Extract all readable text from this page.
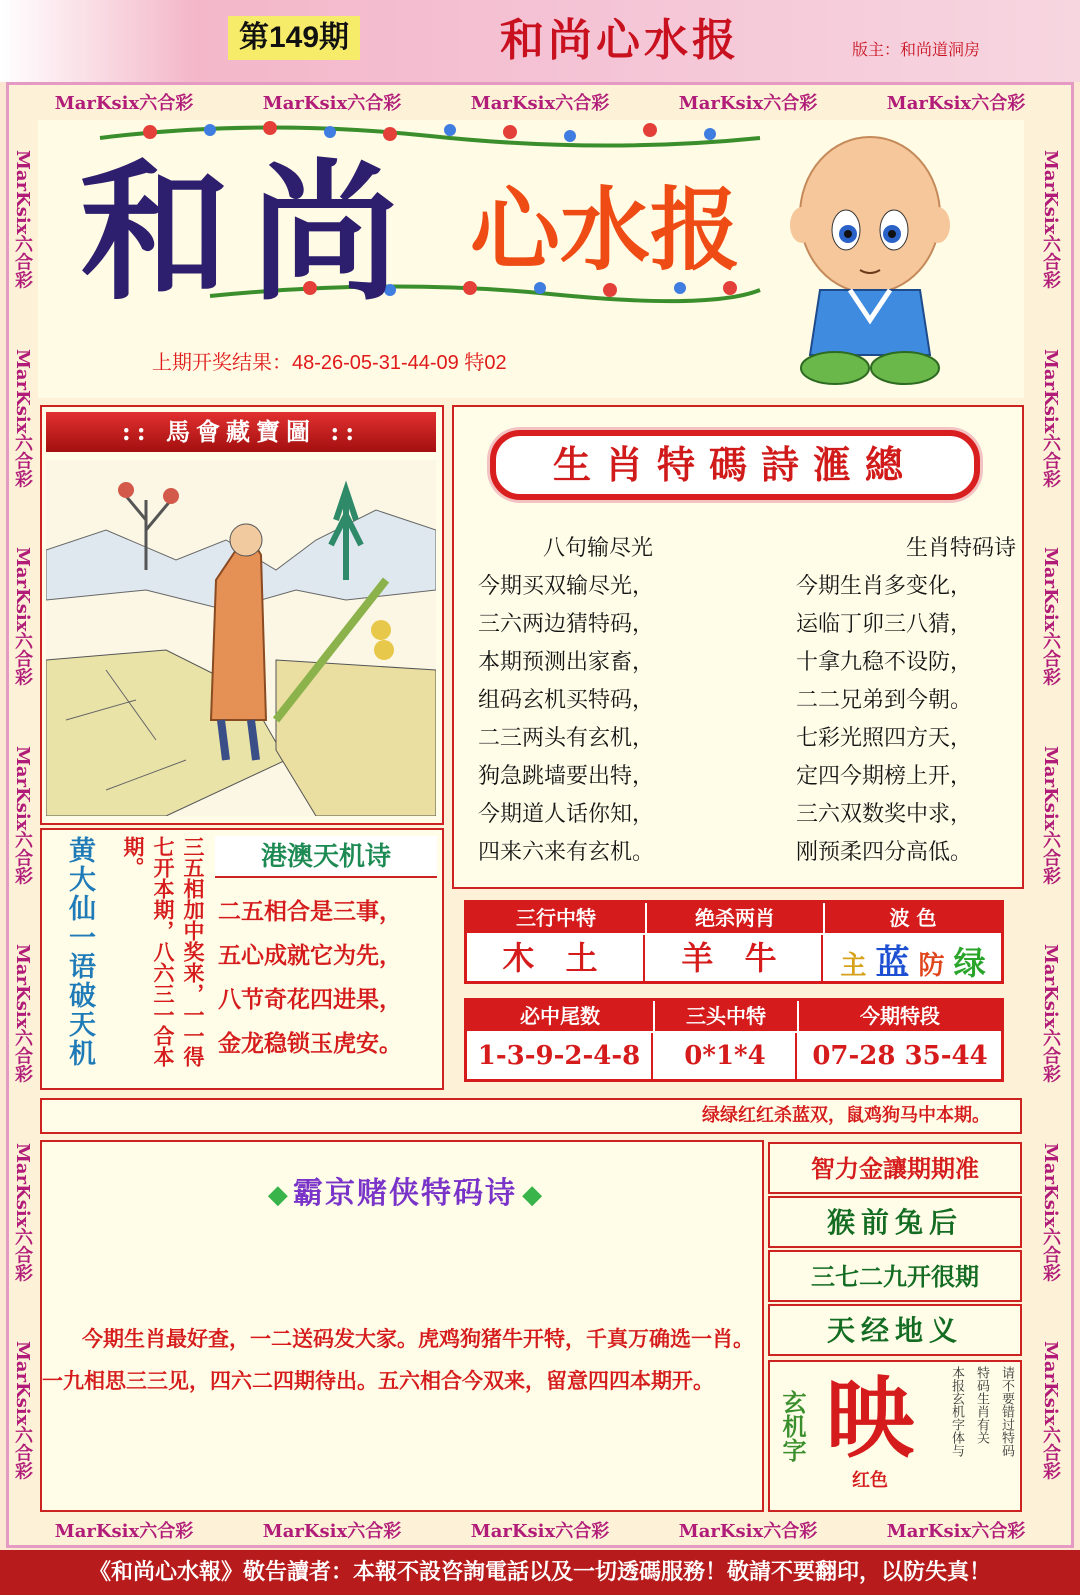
第149期	和尚心水报	版主：和尚道洞房
MarKsix六合彩	MarKsix六合彩	MarKsix六合彩	MarKsix六合彩	MarKsix六合彩
MarKsix六合彩	MarKsix六合彩	MarKsix六合彩	MarKsix六合彩	MarKsix六合彩
MarKsix六合彩
MarKsix六合彩
MarKsix六合彩
MarKsix六合彩
MarKsix六合彩
MarKsix六合彩
MarKsix六合彩
MarKsix六合彩
MarKsix六合彩
MarKsix六合彩
MarKsix六合彩
MarKsix六合彩
MarKsix六合彩
MarKsix六合彩
和尚 心水报
上期开奖结果：48-26-05-31-44-09 特02
:: 馬會藏寶圖 ::
黄大仙一语破天机	三五相加中奖来，一一得七开本期，八六三一合本期。	港澳天机诗
二五相合是三事，
五心成就它为先，
八节奇花四进果，
金龙稳锁玉虎安。
生肖特碼詩滙總
八句输尽光
今期买双输尽光，
三六两边猜特码，
本期预测出家畜，
组码玄机买特码，
二三两头有玄机，
狗急跳墙要出特，
今期道人话你知，
四来六来有玄机。
生肖特码诗
今期生肖多变化，
运临丁卯三八猜，
十拿九稳不设防，
二二兄弟到今朝。
七彩光照四方天，
定四今期榜上开，
三六双数奖中求，
刚预柔四分高低。
三行中特	绝杀两肖	波 色
木 土	羊 牛	主 蓝 防 绿
必中尾数	三头中特	今期特段
1-3-9-2-4-8	0*1*4	07-28 35-44
绿绿红红杀蓝双，鼠鸡狗马中本期。
◆ 霸京赌侠特码诗 ◆
今期生肖最好查，一二送码发大家。虎鸡狗猪牛开特，千真万确选一肖。一九相思三三见，四六二四期待出。五六相合今双来，留意四四本期开。
智力金讓期期准
猴前兔后
三七二九开很期
天经地义
玄机字 映
红色
请不要错过特码
特码生肖有关
本报玄机字体与
《和尚心水報》敬告讀者：本報不設咨詢電話以及一切透碼服務！敬請不要翻印，以防失真！
